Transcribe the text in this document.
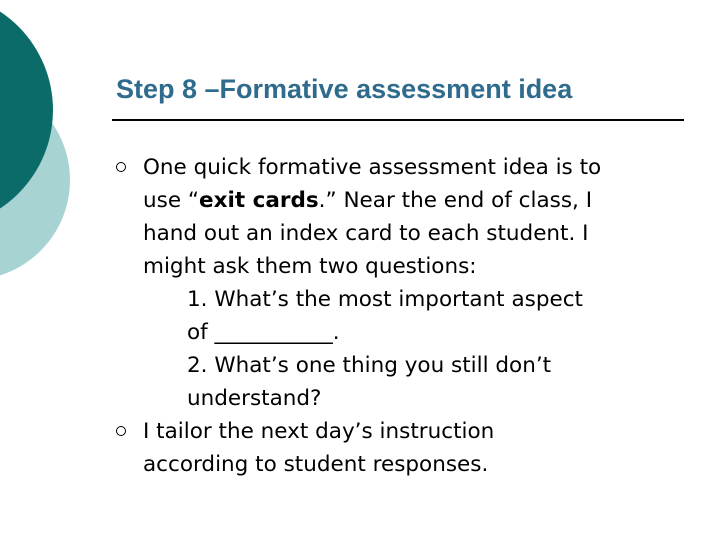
Step 8 –Formative assessment idea
One quick formative assessment idea is to
use “exit cards.” Near the end of class, I
hand out an index card to each student. I
might ask them two questions:
1. What’s the most important aspect
of ___________.
2. What’s one thing you still don’t
understand?
I tailor the next day’s instruction
according to student responses.
